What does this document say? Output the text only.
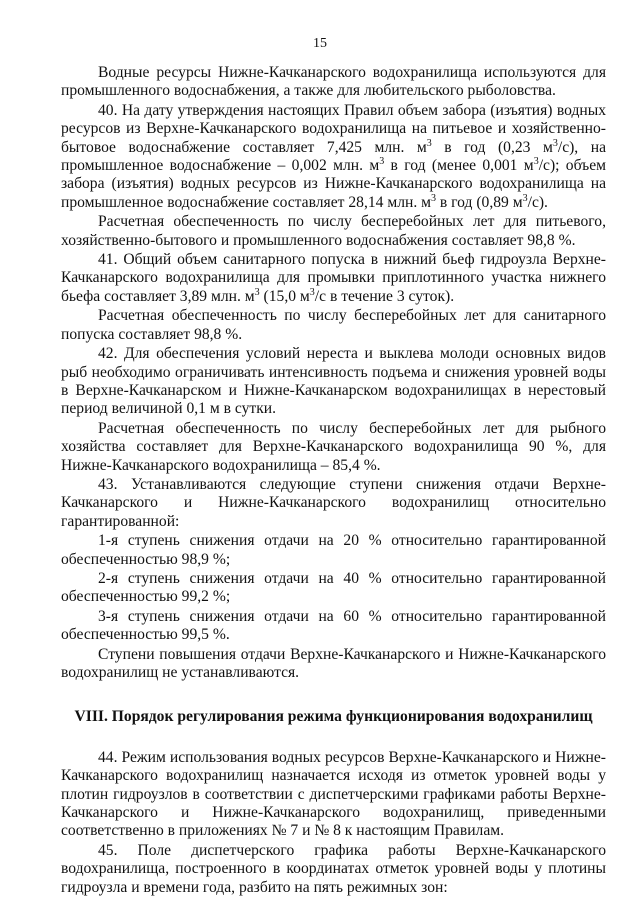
15

Водные ресурсы Нижне-Качканарского водохранилища используются для промышленного водоснабжения, а также для любительского рыболовства.

40. На дату утверждения настоящих Правил объем забора (изъятия) водных ресурсов из Верхне-Качканарского водохранилища на питьевое и хозяйственно-бытовое водоснабжение составляет 7,425 млн. $м^3$ в год (0,23 $м^3/с$), на промышленное водоснабжение – 0,002 млн. $м^3$ в год (менее 0,001 $м^3/с$); объем забора (изъятия) водных ресурсов из Нижне-Качканарского водохранилища на промышленное водоснабжение составляет 28,14 млн. $м^3$ в год (0,89 $м^3/с$).

Расчетная обеспеченность по числу бесперебойных лет для питьевого, хозяйственно-бытового и промышленного водоснабжения составляет 98,8 %.

41. Общий объем санитарного попуска в нижний бьеф гидроузла Верхне-Качканарского водохранилища для промывки приплотинного участка нижнего бьефа составляет 3,89 млн. $м^3$ (15,0 $м^3/с$ в течение 3 суток).

Расчетная обеспеченность по числу бесперебойных лет для санитарного попуска составляет 98,8 %.

42. Для обеспечения условий нереста и выклева молоди основных видов рыб необходимо ограничивать интенсивность подъема и снижения уровней воды в Верхне-Качканарском и Нижне-Качканарском водохранилищах в нерестовый период величиной 0,1 м в сутки.

Расчетная обеспеченность по числу бесперебойных лет для рыбного хозяйства составляет для Верхне-Качканарского водохранилища 90 %, для Нижне-Качканарского водохранилища – 85,4 %.

43. Устанавливаются следующие ступени снижения отдачи Верхне-Качканарского и Нижне-Качканарского водохранилищ относительно гарантированной:

1-я ступень снижения отдачи на 20 % относительно гарантированной обеспеченностью 98,9 %;

2-я ступень снижения отдачи на 40 % относительно гарантированной обеспеченностью 99,2 %;

3-я ступень снижения отдачи на 60 % относительно гарантированной обеспеченностью 99,5 %.

Ступени повышения отдачи Верхне-Качканарского и Нижне-Качканарского водохранилищ не устанавливаются.

VIII. Порядок регулирования режима функционирования водохранилищ

44. Режим использования водных ресурсов Верхне-Качканарского и Нижне-Качканарского водохранилищ назначается исходя из отметок уровней воды у плотин гидроузлов в соответствии с диспетчерскими графиками работы Верхне-Качканарского и Нижне-Качканарского водохранилищ, приведенными соответственно в приложениях № 7 и № 8 к настоящим Правилам.

45. Поле диспетчерского графика работы Верхне-Качканарского водохранилища, построенного в координатах отметок уровней воды у плотины гидроузла и времени года, разбито на пять режимных зон:
